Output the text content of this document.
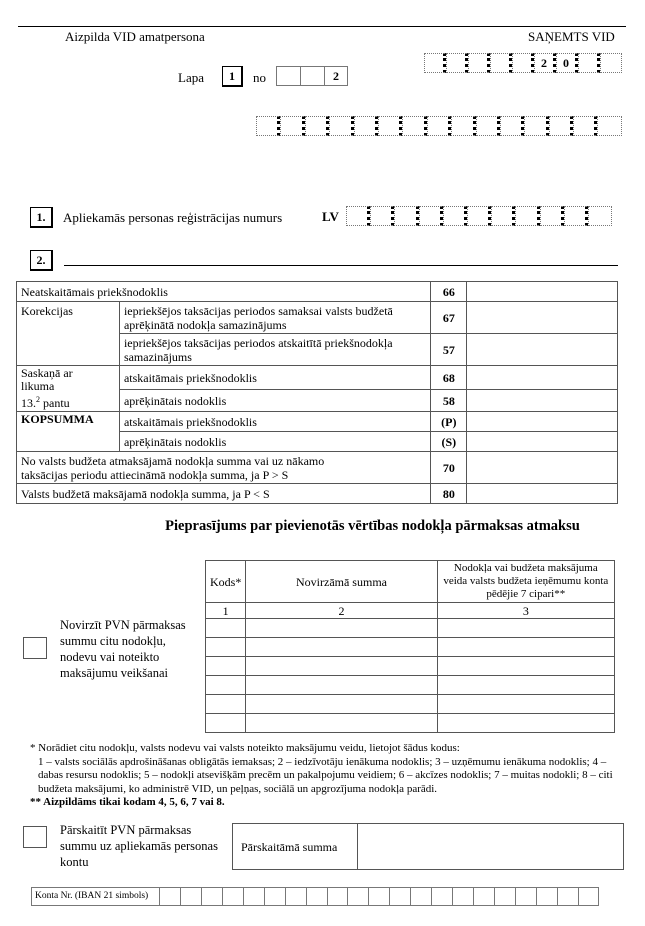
Aizpilda VID amatpersona	SAŅEMTS VID
Lapa	1	no	2
2	0
1.	Apliekamās personas reģistrācijas numurs	LV
2.
Neatskaitāmais priekšnodoklis		66	
Korekcijas	iepriekšējos taksācijas periodos samaksai valsts budžetā aprēķinātā nodokļa samazinājums	67	
	iepriekšējos taksācijas periodos atskaitītā priekšnodokļa samazinājums	57	

Saskaņā ar
likuma
13.$^2$ pantu	atskaitāmais priekšnodoklis	68	
	aprēķinātais nodoklis	58	
KOPSUMMA	atskaitāmais priekšnodoklis	(P)	
	aprēķinātais nodoklis	(S)	
No valsts budžeta atmaksājamā nodokļa summa vai uz nākamo taksācijas periodu attiecināmā nodokļa summa, ja P > S		70	
Valsts budžetā maksājamā nodokļa summa, ja P < S		80	
Pieprasījums par pievienotās vērtības nodokļa pārmaksas atmaksu
Novirzīt PVN pārmaksas summu citu nodokļu, nodevu vai noteikto maksājumu veikšanai
Kods*	Novirzāmā summa	Nodokļa vai budžeta maksājuma veida valsts budžeta ieņēmumu konta pēdējie 7 cipari**
1	2	3

* Norādiet citu nodokļu, valsts nodevu vai valsts noteikto maksājumu veidu, lietojot šādus kodus:
1 – valsts sociālās apdrošināšanas obligātās iemaksas; 2 – iedzīvotāju ienākuma nodoklis; 3 – uzņēmumu ienākuma nodoklis; 4 – dabas resursu nodoklis; 5 – nodokļi atsevišķām precēm un pakalpojumu veidiem; 6 – akcīzes nodoklis; 7 – muitas nodokli; 8 – citi budžeta maksājumi, ko administrē VID, un peļņas, sociālā un apgrozījuma nodokļa parādi.
** Aizpildāms tikai kodam 4, 5, 6, 7 vai 8.
Pārskaitīt PVN pārmaksas summu uz apliekamās personas kontu
Pārskaitāmā summa	
Konta Nr. (IBAN 21 simbols)
